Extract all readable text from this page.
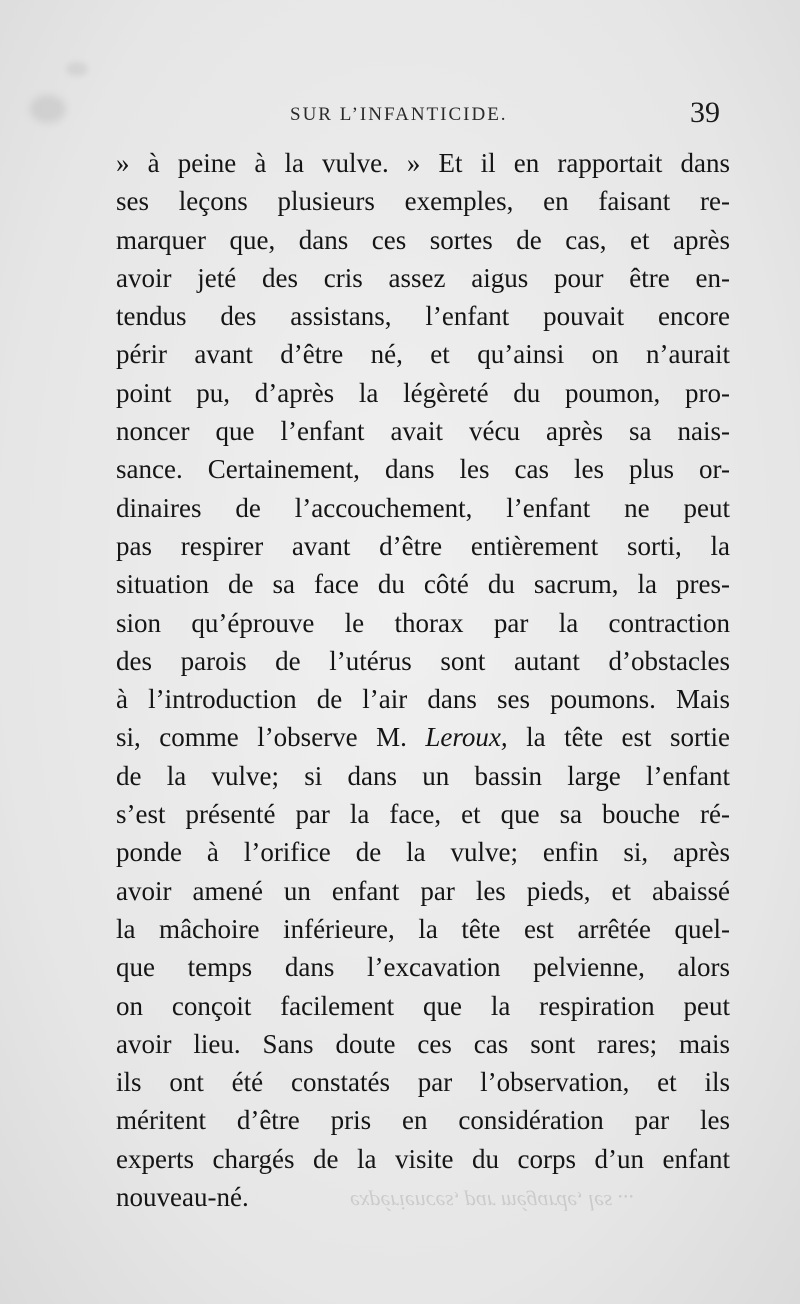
SUR L’INFANTICIDE.	39
» à peine à la vulve. » Et il en rapportait dans
ses leçons plusieurs exemples, en faisant re-
marquer que, dans ces sortes de cas, et après
avoir jeté des cris assez aigus pour être en-
tendus des assistans, l’enfant pouvait encore
périr avant d’être né, et qu’ainsi on n’aurait
point pu, d’après la légèreté du poumon, pro-
noncer que l’enfant avait vécu après sa nais-
sance. Certainement, dans les cas les plus or-
dinaires de l’accouchement, l’enfant ne peut
pas respirer avant d’être entièrement sorti, la
situation de sa face du côté du sacrum, la pres-
sion qu’éprouve le thorax par la contraction
des parois de l’utérus sont autant d’obstacles
à l’introduction de l’air dans ses poumons. Mais
si, comme l’observe M. Leroux, la tête est sortie
de la vulve; si dans un bassin large l’enfant
s’est présenté par la face, et que sa bouche ré-
ponde à l’orifice de la vulve; enfin si, après
avoir amené un enfant par les pieds, et abaissé
la mâchoire inférieure, la tête est arrêtée quel-
que temps dans l’excavation pelvienne, alors
on conçoit facilement que la respiration peut
avoir lieu. Sans doute ces cas sont rares; mais
ils ont été constatés par l’observation, et ils
méritent d’être pris en considération par les
experts chargés de la visite du corps d’un enfant
nouveau-né.	expériences, par mégarde, les ...
